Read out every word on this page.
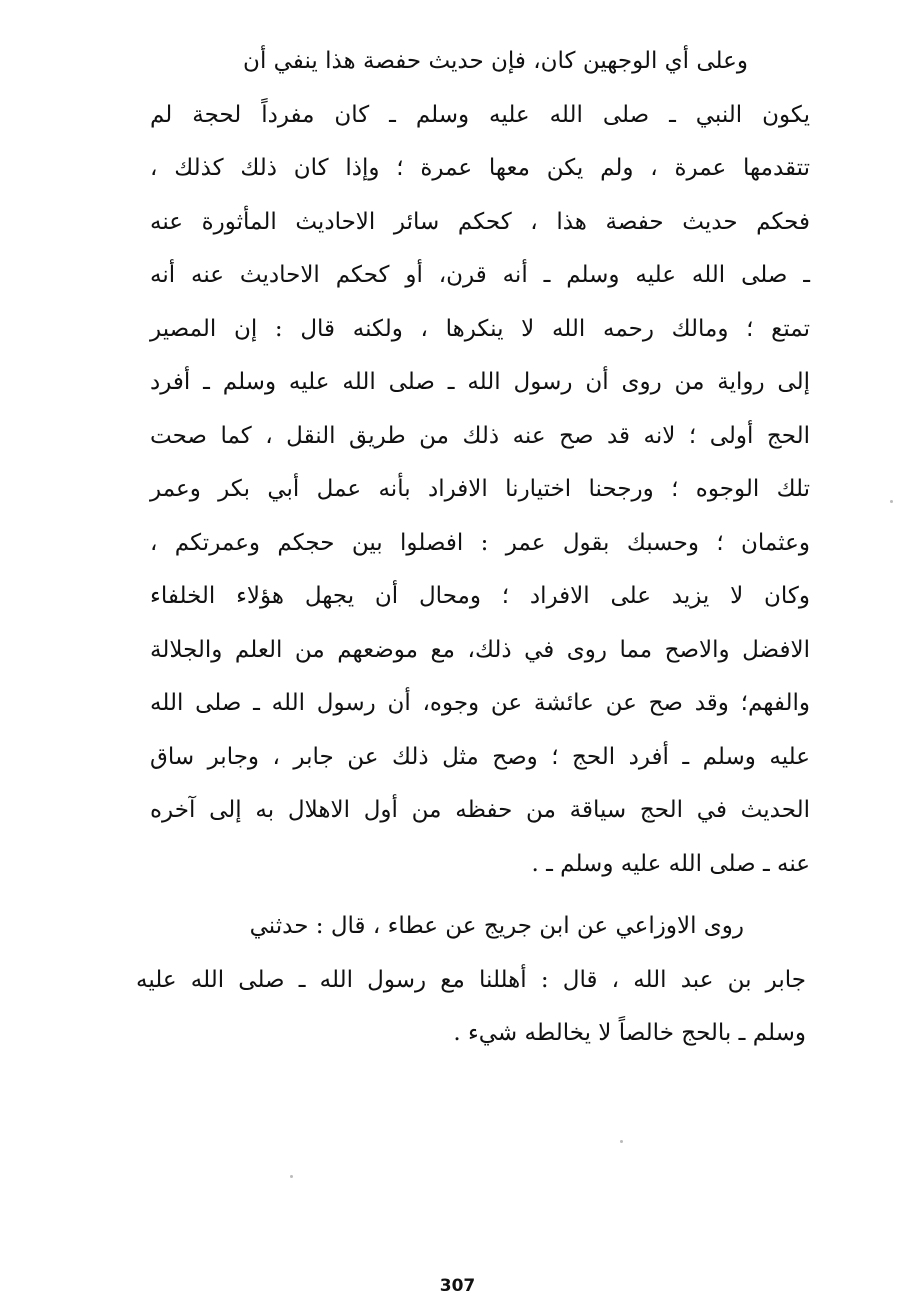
وعلى أي الوجهين كان، فإن حديث حفصة هذا ينفي أن
يكون النبي ـ صلى الله عليه وسلم ـ كان مفرداً لحجة لم
تتقدمها عمرة ، ولم يكن معها عمرة ؛ وإذا كان ذلك كذلك ،
فحكم حديث حفصة هذا ، كحكم سائر الاحاديث المأثورة عنه
ـ صلى الله عليه وسلم ـ أنه قرن، أو كحكم الاحاديث عنه أنه
تمتع ؛ ومالك رحمه الله لا ينكرها ، ولكنه قال : إن المصير
إلى رواية من روى أن رسول الله ـ صلى الله عليه وسلم ـ أفرد
الحج أولى ؛ لانه قد صح عنه ذلك من طريق النقل ، كما صحت
تلك الوجوه ؛ ورجحنا اختيارنا الافراد بأنه عمل أبي بكر وعمر
وعثمان ؛ وحسبك بقول عمر : افصلوا بين حجكم وعمرتكم ،
وكان لا يزيد على الافراد ؛ ومحال أن يجهل هؤلاء الخلفاء
الافضل والاصح مما روى في ذلك، مع موضعهم من العلم والجلالة
والفهم؛ وقد صح عن عائشة عن وجوه، أن رسول الله ـ صلى الله
عليه وسلم ـ أفرد الحج ؛ وصح مثل ذلك عن جابر ، وجابر ساق
الحديث في الحج سياقة من حفظه من أول الاهلال به إلى آخره
عنه ـ صلى الله عليه وسلم ـ .
روى الاوزاعي عن ابن جريج عن عطاء ، قال : حدثني
جابر بن عبد الله ، قال : أهللنا مع رسول الله ـ صلى الله عليه
وسلم ـ بالحج خالصاً لا يخالطه شيء .
307
